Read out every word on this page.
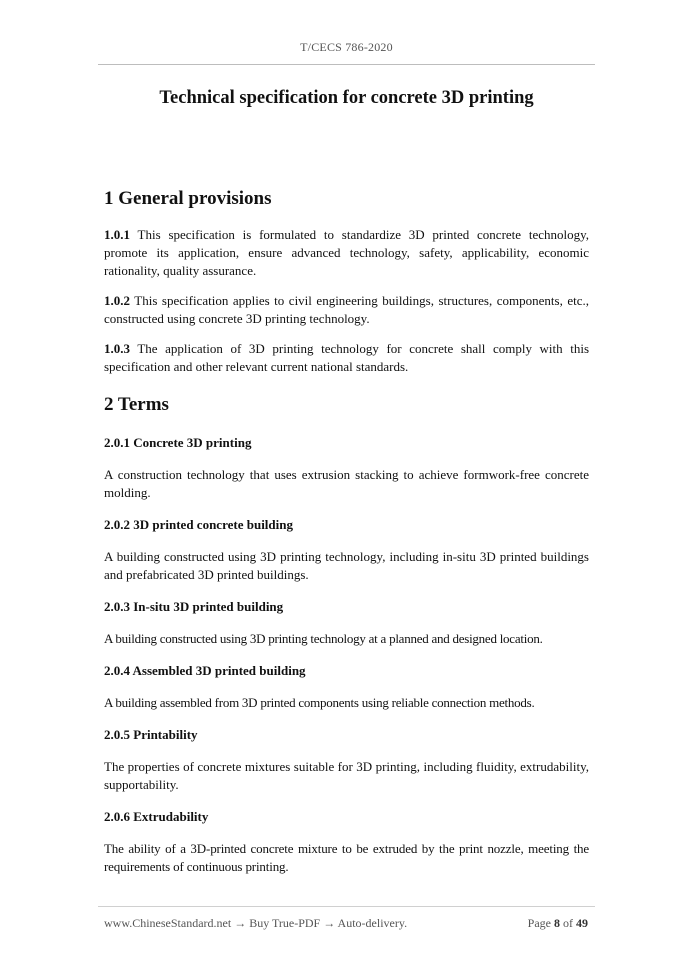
T/CECS 786-2020
Technical specification for concrete 3D printing
1 General provisions

1.0.1 This specification is formulated to standardize 3D printed concrete technology, promote its application, ensure advanced technology, safety, applicability, economic rationality, quality assurance.

1.0.2 This specification applies to civil engineering buildings, structures, components, etc., constructed using concrete 3D printing technology.

1.0.3 The application of 3D printing technology for concrete shall comply with this specification and other relevant current national standards.

2 Terms
2.0.1 Concrete 3D printing

A construction technology that uses extrusion stacking to achieve formwork-free concrete molding.

2.0.2 3D printed concrete building

A building constructed using 3D printing technology, including in-situ 3D printed buildings and prefabricated 3D printed buildings.

2.0.3 In-situ 3D printed building

A building constructed using 3D printing technology at a planned and designed location.

2.0.4 Assembled 3D printed building

A building assembled from 3D printed components using reliable connection methods.

2.0.5 Printability

The properties of concrete mixtures suitable for 3D printing, including fluidity, extrudability, supportability.

2.0.6 Extrudability

The ability of a 3D-printed concrete mixture to be extruded by the print nozzle, meeting the requirements of continuous printing.

www.ChineseStandard.net → Buy True-PDF → Auto-delivery.	Page 8 of 49
